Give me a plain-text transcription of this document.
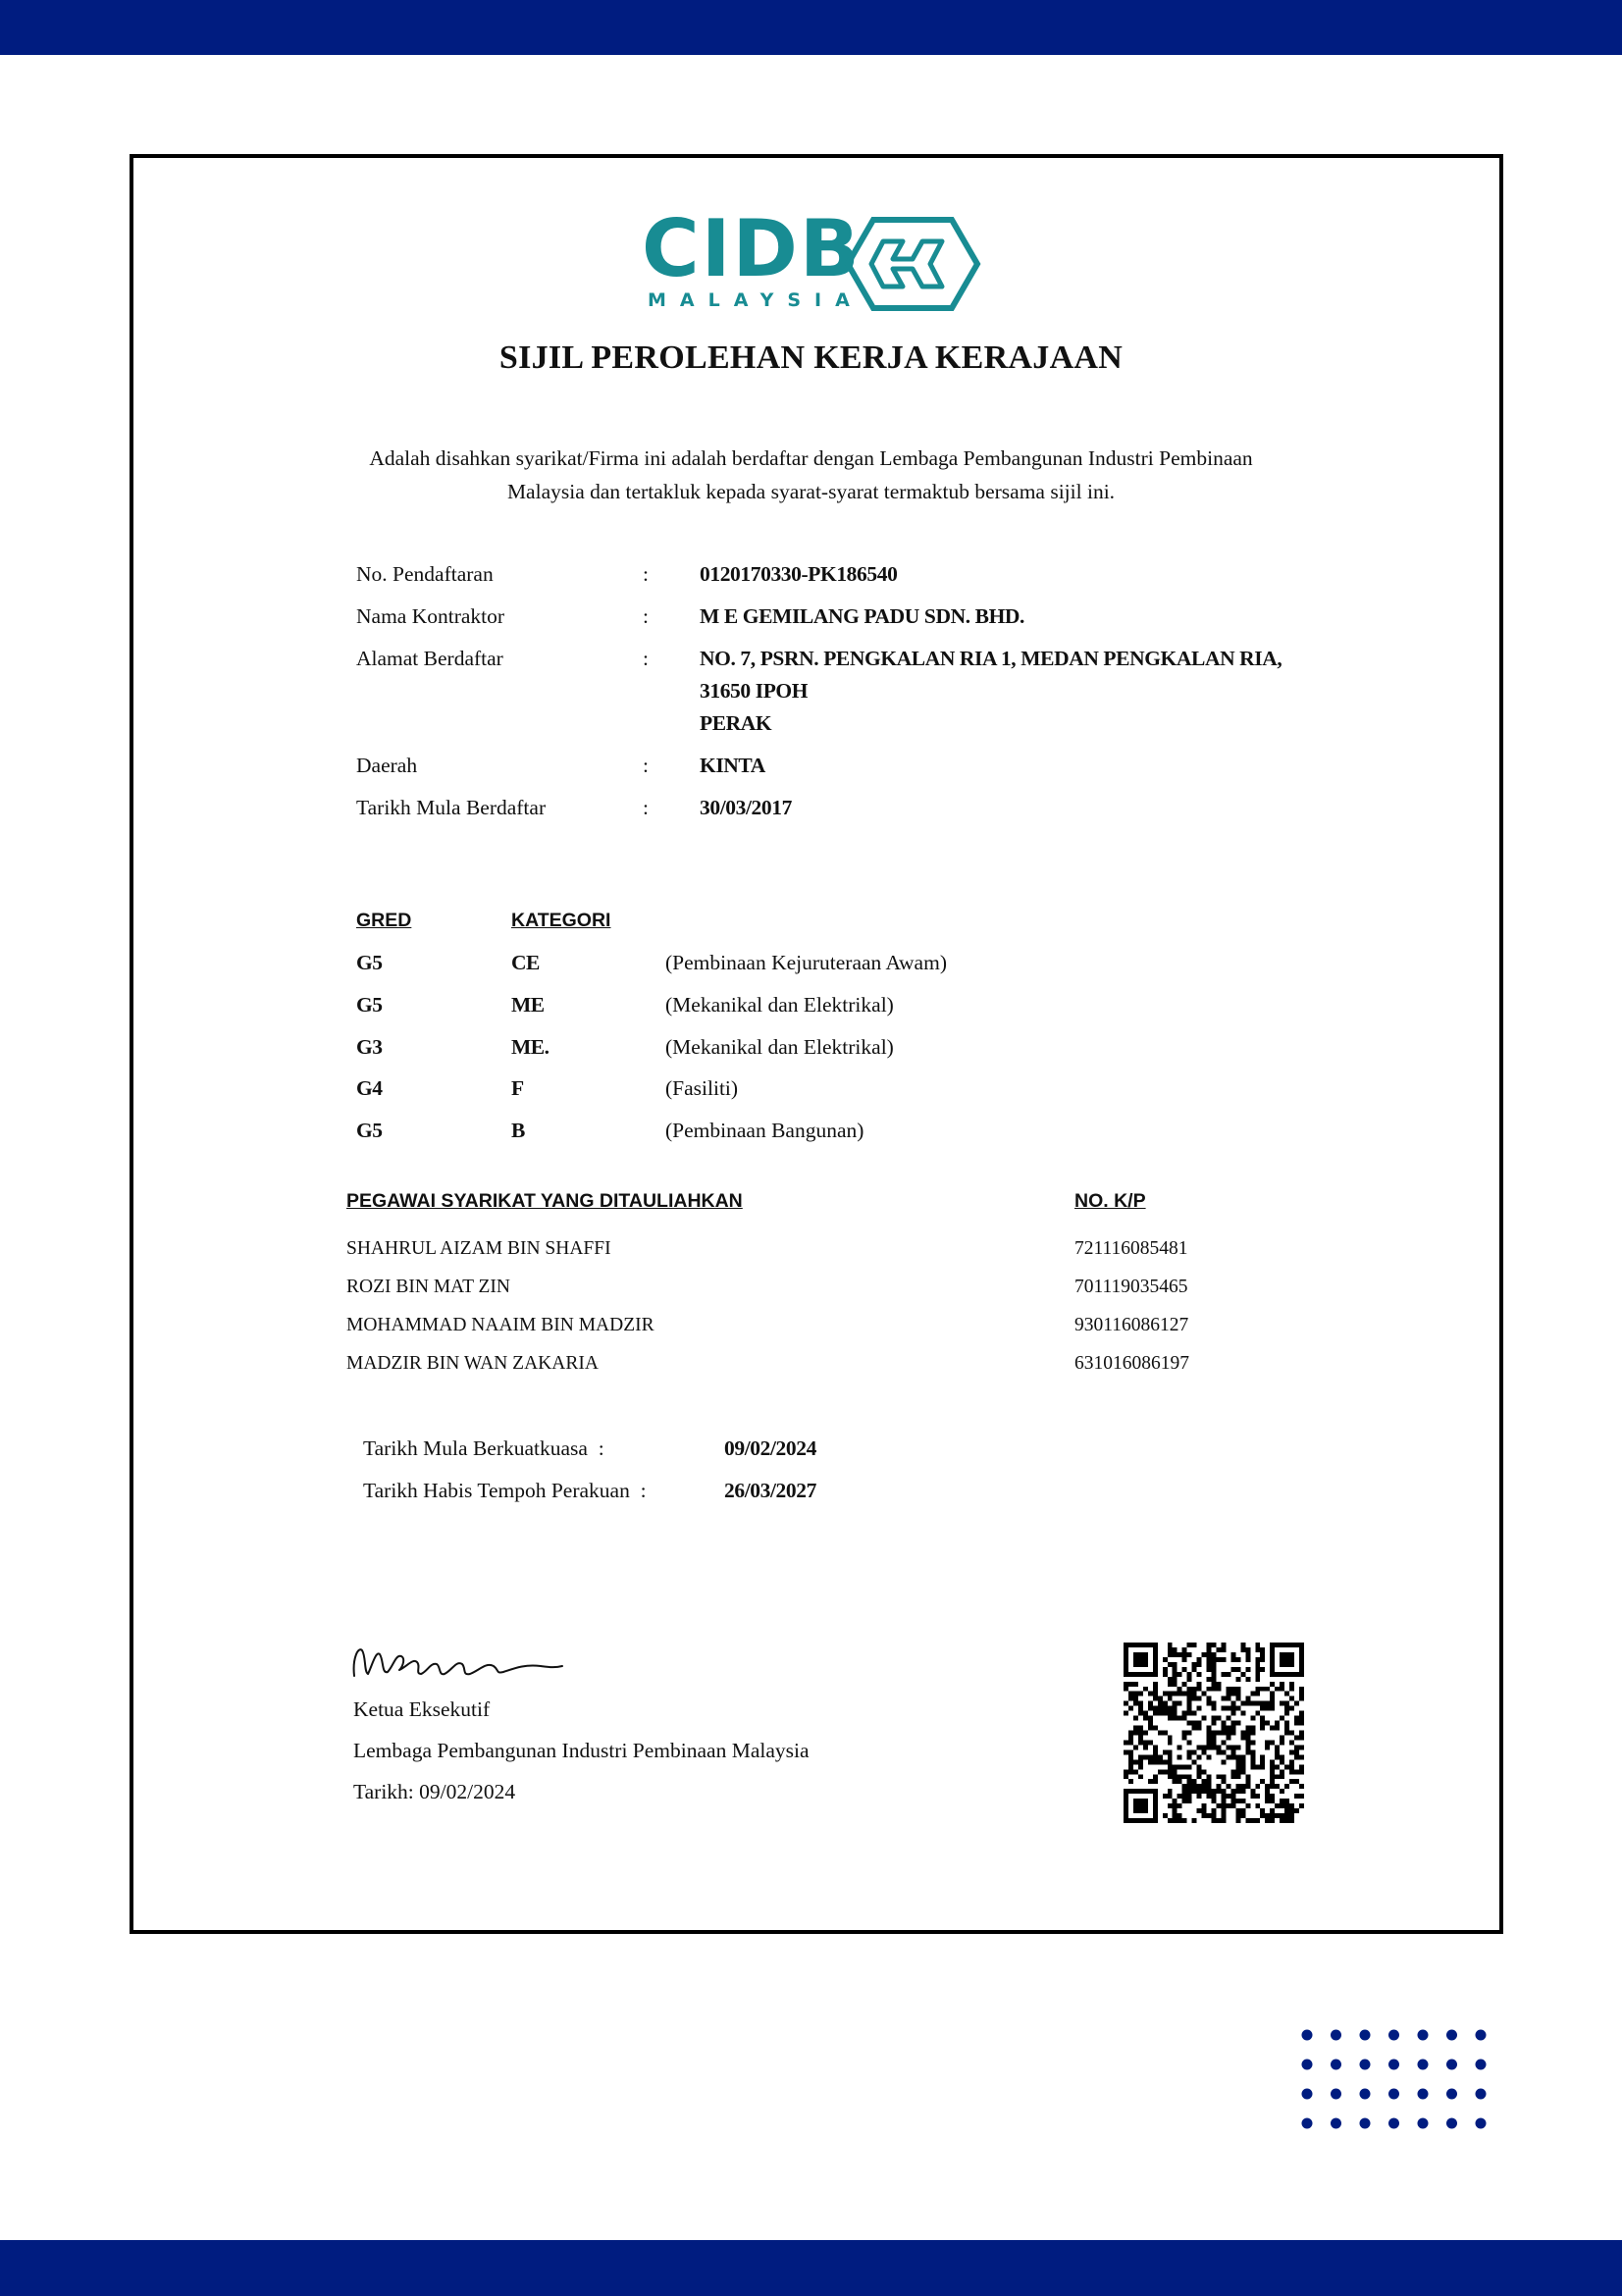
CIDB
MALAYSIA
SIJIL PEROLEHAN KERJA KERAJAAN
Adalah disahkan syarikat/Firma ini adalah berdaftar dengan Lembaga Pembangunan Industri Pembinaan
Malaysia dan tertakluk kepada syarat-syarat termaktub bersama sijil ini.
No. Pendaftaran	: 0120170330-PK186540
Nama Kontraktor	: M E GEMILANG PADU SDN. BHD.
Alamat Berdaftar	: NO. 7, PSRN. PENGKALAN RIA 1, MEDAN PENGKALAN RIA,
31650 IPOH
PERAK
Daerah	: KINTA
Tarikh Mula Berdaftar	: 30/03/2017
GRED	KATEGORI
G5	CE	(Pembinaan Kejuruteraan Awam)
G5	ME	(Mekanikal dan Elektrikal)
G3	ME.	(Mekanikal dan Elektrikal)
G4	F	(Fasiliti)
G5	B	(Pembinaan Bangunan)
PEGAWAI SYARIKAT YANG DITAULIAHKAN	NO. K/P
SHAHRUL AIZAM BIN SHAFFI	721116085481
ROZI BIN MAT ZIN	701119035465
MOHAMMAD NAAIM BIN MADZIR	930116086127
MADZIR BIN WAN ZAKARIA	631016086197
Tarikh Mula Berkuatkuasa  :	09/02/2024
Tarikh Habis Tempoh Perakuan  :	26/03/2027
Ketua Eksekutif
Lembaga Pembangunan Industri Pembinaan Malaysia
Tarikh: 09/02/2024
